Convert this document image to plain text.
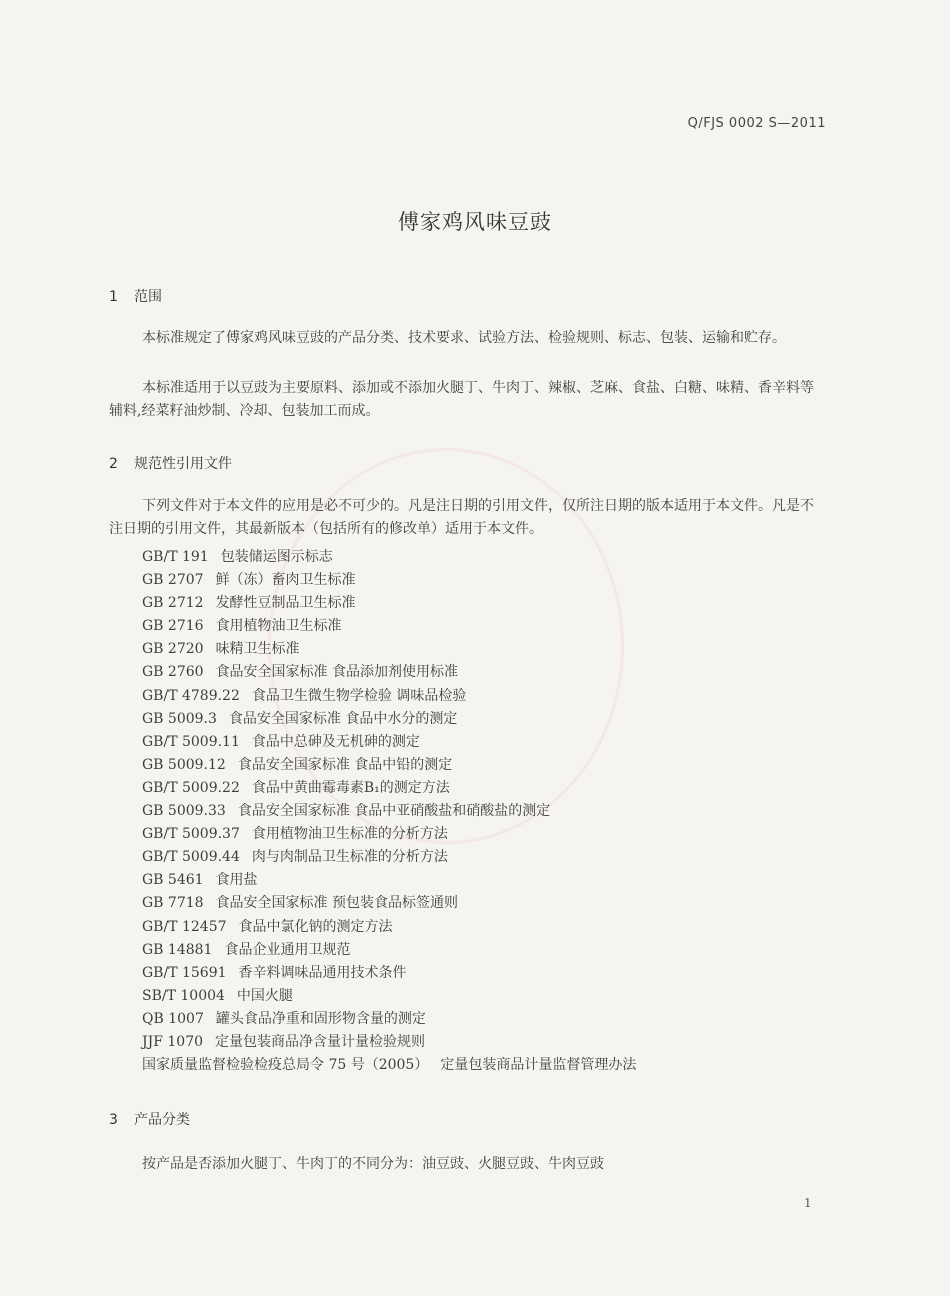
Q/FJS 0002 S—2011
傅家鸡风味豆豉
1 范围

本标准规定了傅家鸡风味豆豉的产品分类、技术要求、试验方法、检验规则、标志、包装、运输和贮存。

本标准适用于以豆豉为主要原料、添加或不添加火腿丁、牛肉丁、辣椒、芝麻、食盐、白糖、味精、香辛料等辅料,经菜籽油炒制、冷却、包装加工而成。

2 规范性引用文件

下列文件对于本文件的应用是必不可少的。凡是注日期的引用文件，仅所注日期的版本适用于本文件。凡是不注日期的引用文件，其最新版本（包括所有的修改单）适用于本文件。

GB/T 191 包装储运图示标志
GB 2707 鲜（冻）畜肉卫生标准
GB 2712 发酵性豆制品卫生标准
GB 2716 食用植物油卫生标准
GB 2720 味精卫生标准
GB 2760 食品安全国家标准 食品添加剂使用标准
GB/T 4789.22 食品卫生微生物学检验 调味品检验
GB 5009.3 食品安全国家标准 食品中水分的测定
GB/T 5009.11 食品中总砷及无机砷的测定
GB 5009.12 食品安全国家标准 食品中铅的测定
GB/T 5009.22 食品中黄曲霉毒素B₁的测定方法
GB 5009.33 食品安全国家标准 食品中亚硝酸盐和硝酸盐的测定
GB/T 5009.37 食用植物油卫生标准的分析方法
GB/T 5009.44 肉与肉制品卫生标准的分析方法
GB 5461 食用盐
GB 7718 食品安全国家标准 预包装食品标签通则
GB/T 12457 食品中氯化钠的测定方法
GB 14881 食品企业通用卫规范
GB/T 15691 香辛料调味品通用技术条件
SB/T 10004 中国火腿
QB 1007 罐头食品净重和固形物含量的测定
JJF 1070 定量包装商品净含量计量检验规则
国家质量监督检验检疫总局令 75 号（2005） 定量包装商品计量监督管理办法
3 产品分类

按产品是否添加火腿丁、牛肉丁的不同分为：油豆豉、火腿豆豉、牛肉豆豉

1
